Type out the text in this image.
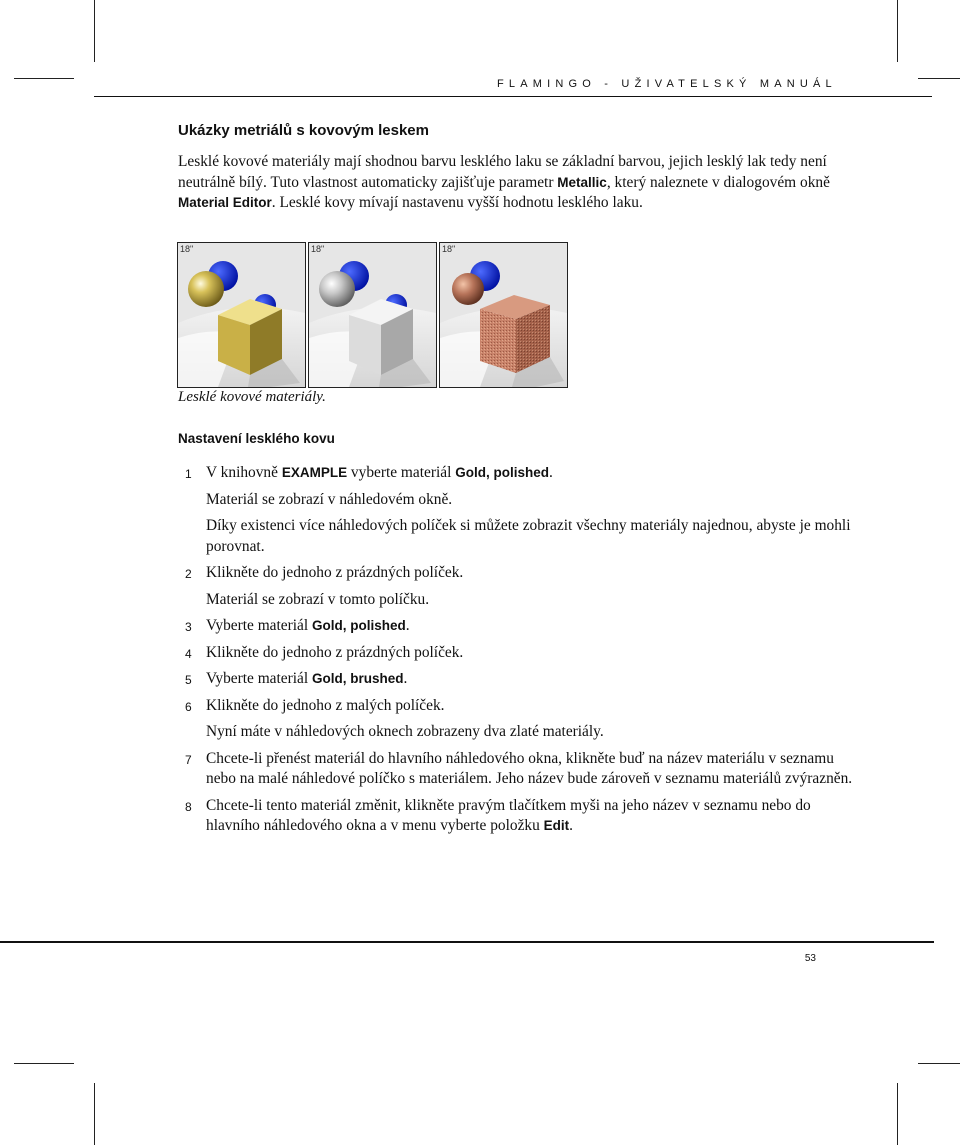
FLAMINGO - UŽIVATELSKÝ MANUÁL
Ukázky metriálů s kovovým leskem

Lesklé kovové materiály mají shodnou barvu lesklého laku se základní barvou, jejich lesklý lak tedy není neutrálně bílý. Tuto vlastnost automaticky zajišťuje parametr Metallic, který naleznete v dialogovém okně Material Editor. Lesklé kovy mívají nastavenu vyšší hodnotu lesklého laku.

18"	18"	18"

Lesklé kovové materiály.

Nastavení lesklého kovu
1 V knihovně EXAMPLE vyberte materiál Gold, polished.
Materiál se zobrazí v náhledovém okně.
Díky existenci více náhledových políček si můžete zobrazit všechny materiály najednou, abyste je mohli porovnat.
2 Klikněte do jednoho z prázdných políček.
Materiál se zobrazí v tomto políčku.
3 Vyberte materiál Gold, polished.
4 Klikněte do jednoho z prázdných políček.
5 Vyberte materiál Gold, brushed.
6 Klikněte do jednoho z malých políček.
Nyní máte v náhledových oknech zobrazeny dva zlaté materiály.
7 Chcete-li přenést materiál do hlavního náhledového okna, klikněte buď na název materiálu v seznamu nebo na malé náhledové políčko s materiálem. Jeho název bude zároveň v seznamu materiálů zvýrazněn.
8 Chcete-li tento materiál změnit, klikněte pravým tlačítkem myši na jeho název v seznamu nebo do hlavního náhledového okna a v menu vyberte položku Edit.
53
